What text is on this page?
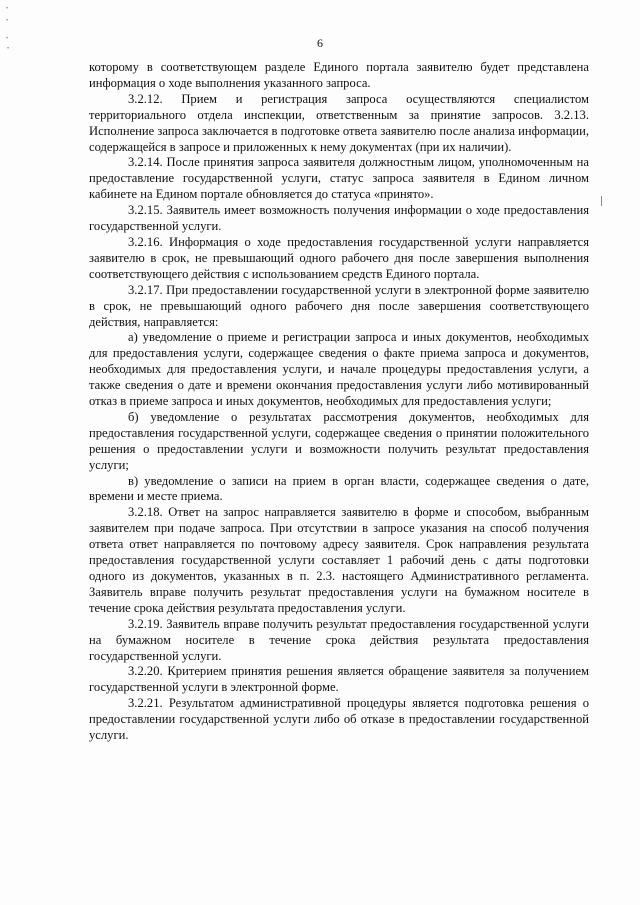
•
•
•
•	6

которому в соответствующем разделе Единого портала заявителю будет представлена информация о ходе выполнения указанного запроса.

3.2.12. Прием и регистрация запроса осуществляются специалистом территориального отдела инспекции, ответственным за принятие запросов. 3.2.13. Исполнение запроса заключается в подготовке ответа заявителю после анализа информации, содержащейся в запросе и приложенных к нему документах (при их наличии).

3.2.14. После принятия запроса заявителя должностным лицом, уполномоченным на предоставление государственной услуги, статус запроса заявителя в Едином личном кабинете на Едином портале обновляется до статуса «принято».

3.2.15. Заявитель имеет возможность получения информации о ходе предоставления государственной услуги.

3.2.16. Информация о ходе предоставления государственной услуги направляется заявителю в срок, не превышающий одного рабочего дня после завершения выполнения соответствующего действия с использованием средств Единого портала.

3.2.17. При предоставлении государственной услуги в электронной форме заявителю в срок, не превышающий одного рабочего дня после завершения соответствующего действия, направляется:

а) уведомление о приеме и регистрации запроса и иных документов, необходимых для предоставления услуги, содержащее сведения о факте приема запроса и документов, необходимых для предоставления услуги, и начале процедуры предоставления услуги, а также сведения о дате и времени окончания предоставления услуги либо мотивированный отказ в приеме запроса и иных документов, необходимых для предоставления услуги;

б) уведомление о результатах рассмотрения документов, необходимых для предоставления государственной услуги, содержащее сведения о принятии положительного решения о предоставлении услуги и возможности получить результат предоставления услуги;

в) уведомление о записи на прием в орган власти, содержащее сведения о дате, времени и месте приема.

3.2.18. Ответ на запрос направляется заявителю в форме и способом, выбранным заявителем при подаче запроса. При отсутствии в запросе указания на способ получения ответа ответ направляется по почтовому адресу заявителя. Срок направления результата предоставления государственной услуги составляет 1 рабочий день с даты подготовки одного из документов, указанных в п. 2.3. настоящего Административного регламента. Заявитель вправе получить результат предоставления услуги на бумажном носителе в течение срока действия результата предоставления услуги.

3.2.19. Заявитель вправе получить результат предоставления государственной услуги на бумажном носителе в течение срока действия результата предоставления государственной услуги.

3.2.20. Критерием принятия решения является обращение заявителя за получением государственной услуги в электронной форме.

3.2.21. Результатом административной процедуры является подготовка решения о предоставлении государственной услуги либо об отказе в предоставлении государственной услуги.
